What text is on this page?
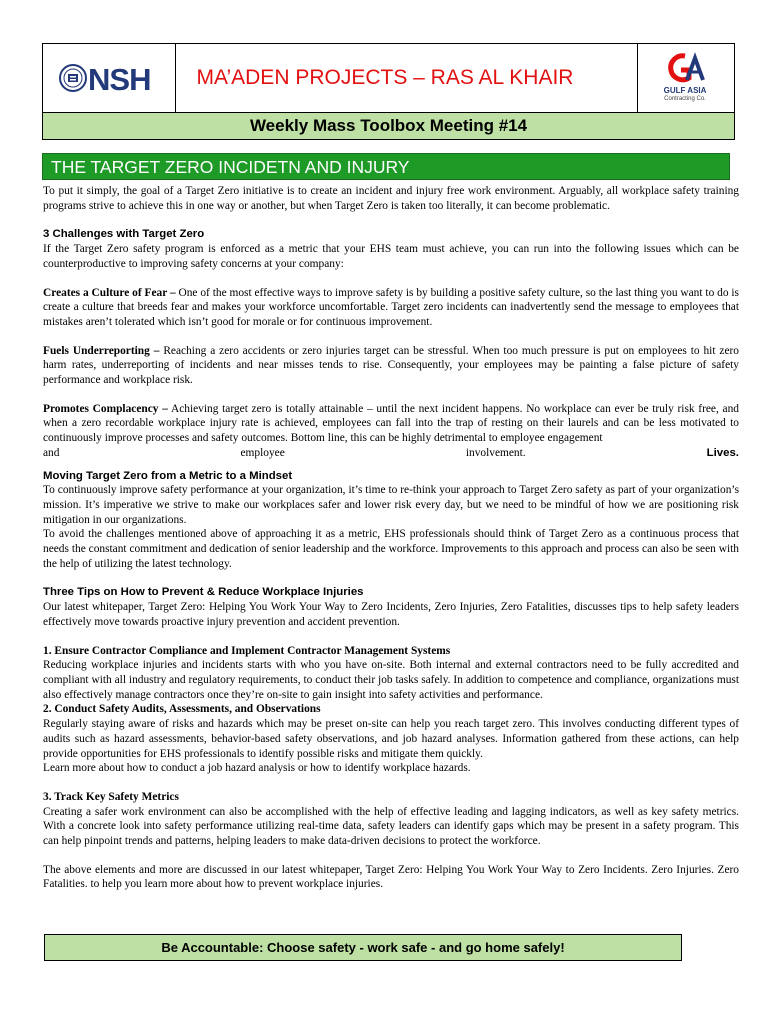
NSH	MA’ADEN PROJECTS – RAS AL KHAIR
GULF ASIA
Contracting Co.
Weekly Mass Toolbox Meeting #14
THE TARGET ZERO INCIDETN AND INJURY

To put it simply, the goal of a Target Zero initiative is to create an incident and injury free work environment. Arguably, all workplace safety training programs strive to achieve this in one way or another, but when Target Zero is taken too literally, it can become problematic.

3 Challenges with Target Zero

If the Target Zero safety program is enforced as a metric that your EHS team must achieve, you can run into the following issues which can be counterproductive to improving safety concerns at your company:

Creates a Culture of Fear – One of the most effective ways to improve safety is by building a positive safety culture, so the last thing you want to do is create a culture that breeds fear and makes your workforce uncomfortable. Target zero incidents can inadvertently send the message to employees that mistakes aren’t tolerated which isn’t good for morale or for continuous improvement.

Fuels Underreporting – Reaching a zero accidents or zero injuries target can be stressful. When too much pressure is put on employees to hit zero harm rates, underreporting of incidents and near misses tends to rise. Consequently, your employees may be painting a false picture of safety performance and workplace risk.

Promotes Complacency – Achieving target zero is totally attainable – until the next incident happens. No workplace can ever be truly risk free, and when a zero recordable workplace injury rate is achieved, employees can fall into the trap of resting on their laurels and can be less motivated to continuously improve processes and safety outcomes. Bottom line, this can be highly detrimental to employee engagement

and	employee	involvement.	Lives.

Moving Target Zero from a Metric to a Mindset

To continuously improve safety performance at your organization, it’s time to re-think your approach to Target Zero safety as part of your organization’s mission. It’s imperative we strive to make our workplaces safer and lower risk every day, but we need to be mindful of how we are positioning risk mitigation in our organizations.

To avoid the challenges mentioned above of approaching it as a metric, EHS professionals should think of Target Zero as a continuous process that needs the constant commitment and dedication of senior leadership and the workforce. Improvements to this approach and process can also be seen with the help of utilizing the latest technology.

Three Tips on How to Prevent & Reduce Workplace Injuries

Our latest whitepaper, Target Zero: Helping You Work Your Way to Zero Incidents, Zero Injuries, Zero Fatalities, discusses tips to help safety leaders effectively move towards proactive injury prevention and accident prevention.

1. Ensure Contractor Compliance and Implement Contractor Management Systems

Reducing workplace injuries and incidents starts with who you have on-site. Both internal and external contractors need to be fully accredited and compliant with all industry and regulatory requirements, to conduct their job tasks safely. In addition to competence and compliance, organizations must also effectively manage contractors once they’re on-site to gain insight into safety activities and performance.

2. Conduct Safety Audits, Assessments, and Observations

Regularly staying aware of risks and hazards which may be preset on-site can help you reach target zero. This involves conducting different types of audits such as hazard assessments, behavior-based safety observations, and job hazard analyses. Information gathered from these actions, can help provide opportunities for EHS professionals to identify possible risks and mitigate them quickly.

Learn more about how to conduct a job hazard analysis or how to identify workplace hazards.

3. Track Key Safety Metrics

Creating a safer work environment can also be accomplished with the help of effective leading and lagging indicators, as well as key safety metrics. With a concrete look into safety performance utilizing real-time data, safety leaders can identify gaps which may be present in a safety program. This can help pinpoint trends and patterns, helping leaders to make data-driven decisions to protect the workforce.

The above elements and more are discussed in our latest whitepaper, Target Zero: Helping You Work Your Way to Zero Incidents. Zero Injuries. Zero Fatalities. to help you learn more about how to prevent workplace injuries.

Be Accountable: Choose safety - work safe - and go home safely!
